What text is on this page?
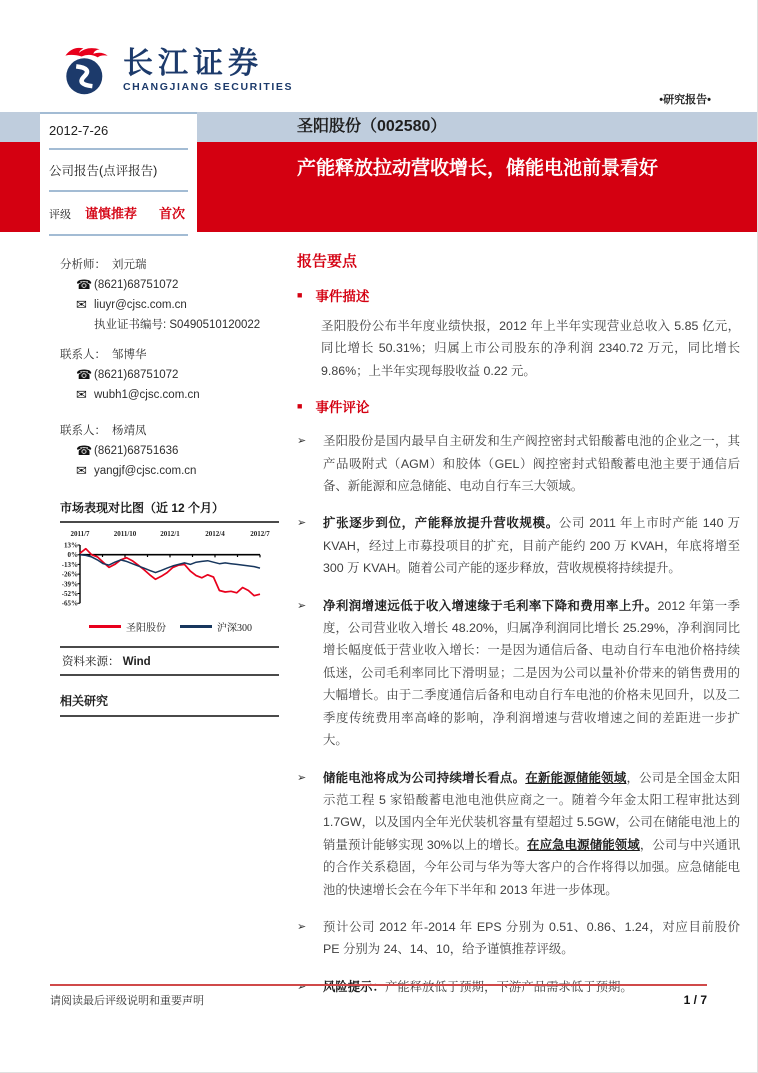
长江证券
CHANGJIANG SECURITIES
•研究报告•
圣阳股份（002580）
产能释放拉动营收增长，储能电池前景看好
2012-7-26
公司报告(点评报告)
评级 谨慎推荐 首次
分析师： 刘元瑞
☎ (8621)68751072
✉ liuyr@cjsc.com.cn
执业证书编号: S0490510120022
联系人： 邹博华
☎ (8621)68751072
✉ wubh1@cjsc.com.cn
联系人： 杨靖凤
☎ (8621)68751636
✉ yangjf@cjsc.com.cn
市场表现对比图（近 12 个月）
2011/7	2011/10	2012/1	2012/4	2012/7
13%
0%
-13%
-26%
-39%
-52%
-65%
圣阳股份	沪深300
资料来源： Wind
相关研究
报告要点
■ 事件描述

圣阳股份公布半年度业绩快报，2012 年上半年实现营业总收入 5.85 亿元，同比增长 50.31%；归属上市公司股东的净利润 2340.72 万元，同比增长 9.86%；上半年实现每股收益 0.22 元。

■ 事件评论
➢	圣阳股份是国内最早自主研发和生产阀控密封式铅酸蓄电池的企业之一，其产品吸附式（AGM）和胶体（GEL）阀控密封式铅酸蓄电池主要于通信后备、新能源和应急储能、电动自行车三大领域。

➢	扩张逐步到位，产能释放提升营收规模。公司 2011 年上市时产能 140 万 KVAH，经过上市募投项目的扩充，目前产能约 200 万 KVAH，年底将增至 300 万 KVAH。随着公司产能的逐步释放，营收规模将持续提升。

➢	净利润增速远低于收入增速缘于毛利率下降和费用率上升。2012 年第一季度，公司营业收入增长 48.20%，归属净利润同比增长 25.29%，净利润同比增长幅度低于营业收入增长：一是因为通信后备、电动自行车电池价格持续低迷，公司毛利率同比下滑明显；二是因为公司以量补价带来的销售费用的大幅增长。由于二季度通信后备和电动自行车电池的价格未见回升，以及二季度传统费用率高峰的影响，净利润增速与营收增速之间的差距进一步扩大。

➢	储能电池将成为公司持续增长看点。在新能源储能领域，公司是全国金太阳示范工程 5 家铅酸蓄电池电池供应商之一。随着今年金太阳工程审批达到 1.7GW，以及国内全年光伏装机容量有望超过 5.5GW，公司在储能电池上的销量预计能够实现 30%以上的增长。在应急电源储能领域，公司与中兴通讯的合作关系稳固，今年公司与华为等大客户的合作将得以加强。应急储能电池的快速增长会在今年下半年和 2013 年进一步体现。

➢	预计公司 2012 年-2014 年 EPS 分别为 0.51、0.86、1.24，对应目前股价 PE 分别为 24、14、10，给予谨慎推荐评级。

➢	风险提示：产能释放低于预期，下游产品需求低于预期。

请阅读最后评级说明和重要声明	1 / 7
